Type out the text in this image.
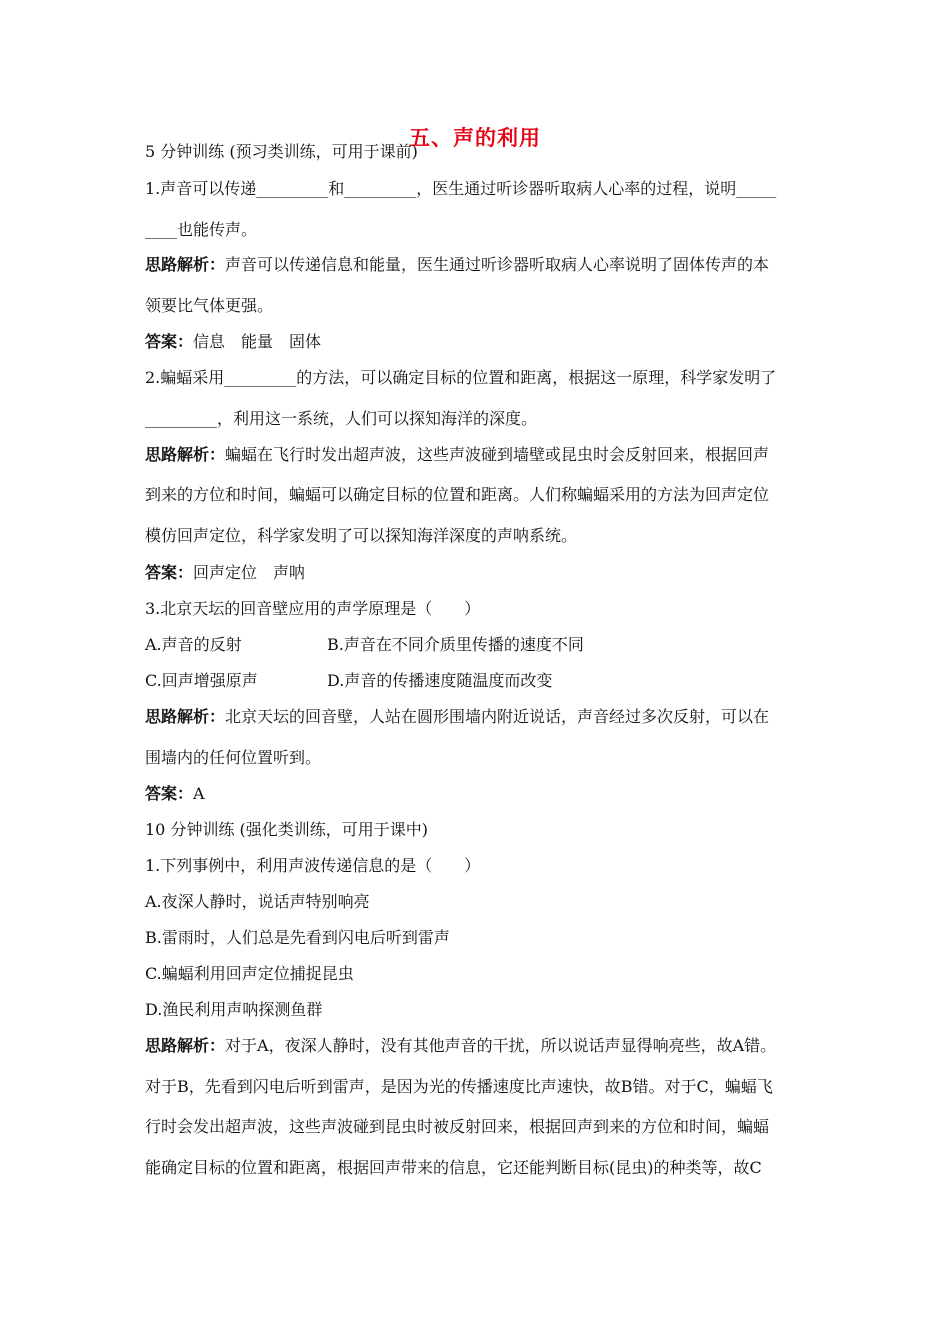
五、声的利用
5 分钟训练 (预习类训练，可用于课前)
1.声音可以传递_________和_________，医生通过听诊器听取病人心率的过程，说明_____
____也能传声。
思路解析：声音可以传递信息和能量，医生通过听诊器听取病人心率说明了固体传声的本
领要比气体更强。
答案：信息　能量　固体
2.蝙蝠采用_________的方法，可以确定目标的位置和距离，根据这一原理，科学家发明了
_________，利用这一系统，人们可以探知海洋的深度。
思路解析：蝙蝠在飞行时发出超声波，这些声波碰到墙壁或昆虫时会反射回来，根据回声
到来的方位和时间，蝙蝠可以确定目标的位置和距离。人们称蝙蝠采用的方法为回声定位
模仿回声定位，科学家发明了可以探知海洋深度的声呐系统。
答案：回声定位　声呐
3.北京天坛的回音壁应用的声学原理是（　　）
A.声音的反射	B.声音在不同介质里传播的速度不同
C.回声增强原声	D.声音的传播速度随温度而改变
思路解析：北京天坛的回音壁，人站在圆形围墙内附近说话，声音经过多次反射，可以在
围墙内的任何位置听到。
答案：A
10 分钟训练 (强化类训练，可用于课中)
1.下列事例中，利用声波传递信息的是（　　）
A.夜深人静时，说话声特别响亮
B.雷雨时，人们总是先看到闪电后听到雷声
C.蝙蝠利用回声定位捕捉昆虫
D.渔民利用声呐探测鱼群
思路解析：对于A，夜深人静时，没有其他声音的干扰，所以说话声显得响亮些，故A错。
对于B，先看到闪电后听到雷声，是因为光的传播速度比声速快，故B错。对于C，蝙蝠飞
行时会发出超声波，这些声波碰到昆虫时被反射回来，根据回声到来的方位和时间，蝙蝠
能确定目标的位置和距离，根据回声带来的信息，它还能判断目标(昆虫)的种类等，故C
